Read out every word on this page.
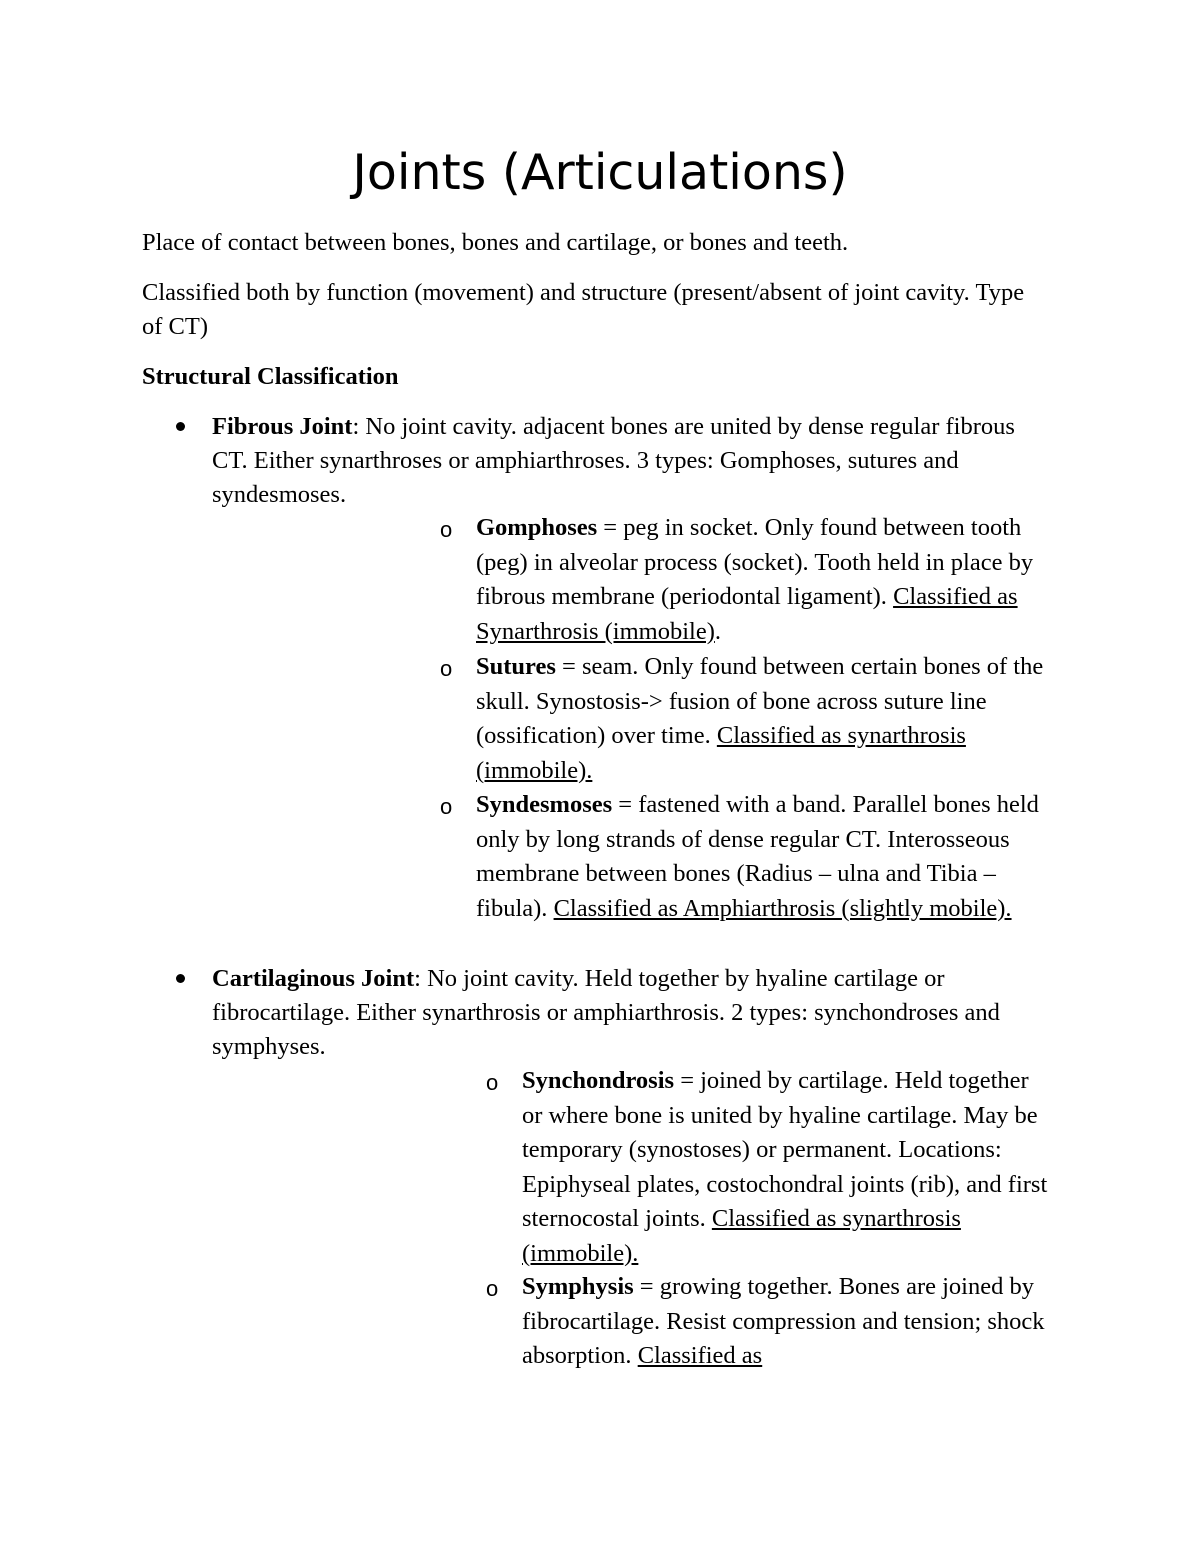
Joints (Articulations)

Place of contact between bones, bones and cartilage, or bones and teeth.

Classified both by function (movement) and structure (present/absent of joint cavity. Type of CT)

Structural Classification

Fibrous Joint: No joint cavity. adjacent bones are united by dense regular fibrous CT. Either synarthroses or amphiarthroses. 3 types: Gomphoses, sutures and syndesmoses.

o Gomphoses = peg in socket. Only found between tooth (peg) in alveolar process (socket). Tooth held in place by fibrous membrane (periodontal ligament). Classified as Synarthrosis (immobile).

o Sutures = seam. Only found between certain bones of the skull. Synostosis-> fusion of bone across suture line (ossification) over time. Classified as synarthrosis (immobile).

o Syndesmoses = fastened with a band. Parallel bones held only by long strands of dense regular CT. Interosseous membrane between bones (Radius – ulna and Tibia – fibula). Classified as Amphiarthrosis (slightly mobile).

Cartilaginous Joint: No joint cavity. Held together by hyaline cartilage or fibrocartilage. Either synarthrosis or amphiarthrosis. 2 types: synchondroses and symphyses.

o Synchondrosis = joined by cartilage. Held together or where bone is united by hyaline cartilage. May be temporary (synostoses) or permanent. Locations: Epiphyseal plates, costochondral joints (rib), and first sternocostal joints. Classified as synarthrosis (immobile).

o Symphysis = growing together. Bones are joined by fibrocartilage. Resist compression and tension; shock absorption. Classified as
